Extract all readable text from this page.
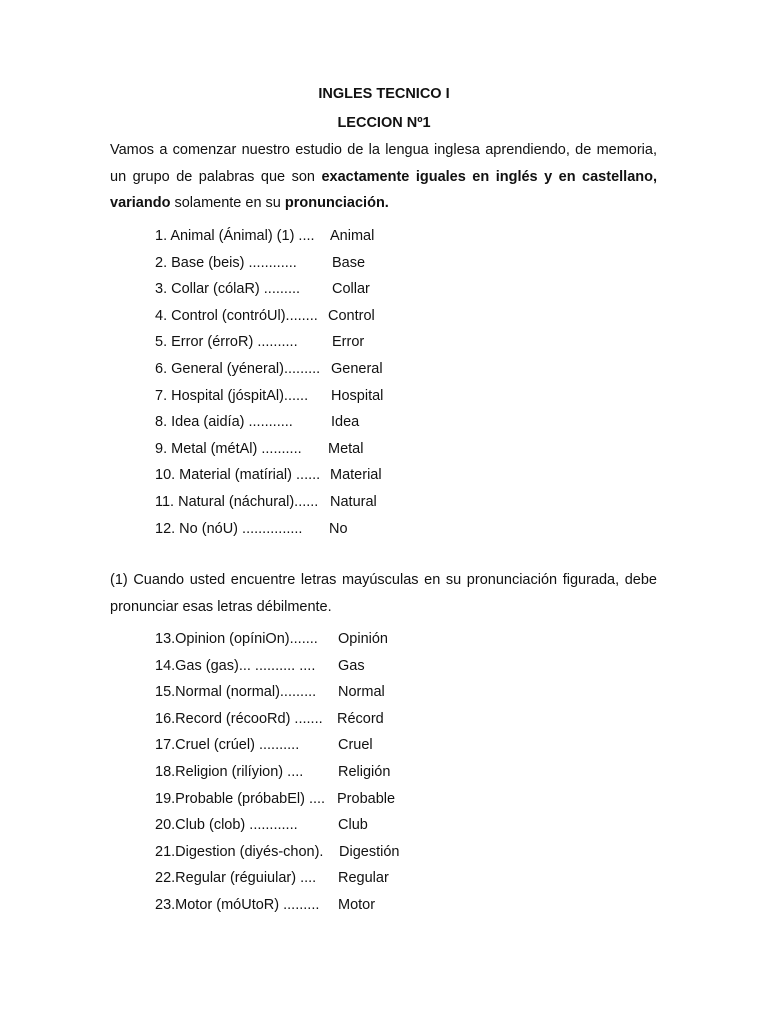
INGLES TECNICO I
LECCION Nº1
Vamos a comenzar nuestro estudio de la lengua inglesa aprendiendo, de memoria, un grupo de palabras que son exactamente iguales en inglés y en castellano, variando solamente en su pronunciación.
1. Animal (Ánimal) (1) .... Animal
2. Base (beis) ............ Base
3. Collar (cólaR) ......... Collar
4. Control (contróUl)........ Control
5. Error (érroR) .......... Error
6. General (yéneral)......... General
7. Hospital (jóspitAl)...... Hospital
8. Idea (aidía) ...........	Idea
9. Metal (métAl) .......... Metal
10. Material (matírial) ...... Material
11. Natural (náchural)...... Natural
12. No (nóU) ............... No
(1) Cuando usted encuentre letras mayúsculas en su pronunciación figurada, debe pronunciar esas letras débilmente.
13.Opinion (opíniOn)....... Opinión
14.Gas (gas)... .......... .... Gas
15.Normal (normal)......... Normal
16.Record (récooRd) ....... Récord
17.Cruel (crúel) ..........	Cruel
18.Religion (rilíyion) .... Religión
19.Probable (próbabEl) .... Probable
20.Club (clob) ............	Club
21.Digestion (diyés-chon). Digestión
22.Regular (réguiular) .... Regular
23.Motor (móUtoR) ......... Motor
